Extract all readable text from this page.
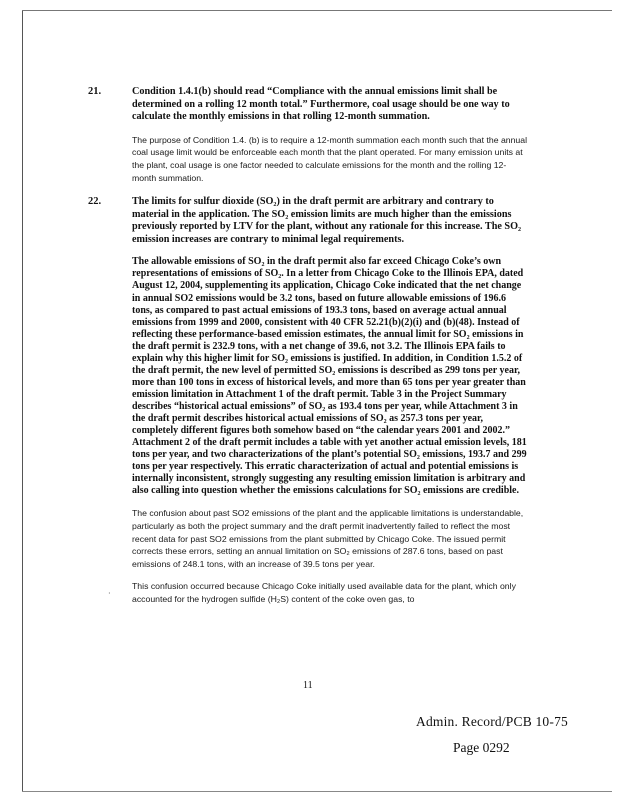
21.	Condition 1.4.1(b) should read “Compliance with the annual emissions limit shall be determined on a rolling 12 month total.” Furthermore, coal usage should be one way to calculate the monthly emissions in that rolling 12-month summation.

The purpose of Condition 1.4. (b) is to require a 12-month summation each month such that the annual coal usage limit would be enforceable each month that the plant operated. For many emission units at the plant, coal usage is one factor needed to calculate emissions for the month and the rolling 12-month summation.

22.	The limits for sulfur dioxide (SO₂) in the draft permit are arbitrary and contrary to material in the application. The SO₂ emission limits are much higher than the emissions previously reported by LTV for the plant, without any rationale for this increase. The SO₂ emission increases are contrary to minimal legal requirements.

The allowable emissions of SO₂ in the draft permit also far exceed Chicago Coke’s own representations of emissions of SO₂. In a letter from Chicago Coke to the Illinois EPA, dated August 12, 2004, supplementing its application, Chicago Coke indicated that the net change in annual SO2 emissions would be 3.2 tons, based on future allowable emissions of 196.6 tons, as compared to past actual emissions of 193.3 tons, based on average actual annual emissions from 1999 and 2000, consistent with 40 CFR 52.21(b)(2)(i) and (b)(48). Instead of reflecting these performance-based emission estimates, the annual limit for SO₂ emissions in the draft permit is 232.9 tons, with a net change of 39.6, not 3.2. The Illinois EPA fails to explain why this higher limit for SO₂ emissions is justified. In addition, in Condition 1.5.2 of the draft permit, the new level of permitted SO₂ emissions is described as 299 tons per year, more than 100 tons in excess of historical levels, and more than 65 tons per year greater than emission limitation in Attachment 1 of the draft permit. Table 3 in the Project Summary describes “historical actual emissions” of SO₂ as 193.4 tons per year, while Attachment 3 in the draft permit describes historical actual emissions of SO₂ as 257.3 tons per year, completely different figures both somehow based on “the calendar years 2001 and 2002.” Attachment 2 of the draft permit includes a table with yet another actual emission levels, 181 tons per year, and two characterizations of the plant’s potential SO₂ emissions, 193.7 and 299 tons per year respectively. This erratic characterization of actual and potential emissions is internally inconsistent, strongly suggesting any resulting emission limitation is arbitrary and also calling into question whether the emissions calculations for SO₂ emissions are credible.

The confusion about past SO2 emissions of the plant and the applicable limitations is understandable, particularly as both the project summary and the draft permit inadvertently failed to reflect the most recent data for past SO2 emissions from the plant submitted by Chicago Coke. The issued permit corrects these errors, setting an annual limitation on SO₂ emissions of 287.6 tons, based on past emissions of 248.1 tons, with an increase of 39.5 tons per year.

This confusion occurred because Chicago Coke initially used available data for the plant, which only accounted for the hydrogen sulfide (H₂S) content of the coke oven gas, to

·
11
Admin. Record/PCB 10-75
Page 0292
